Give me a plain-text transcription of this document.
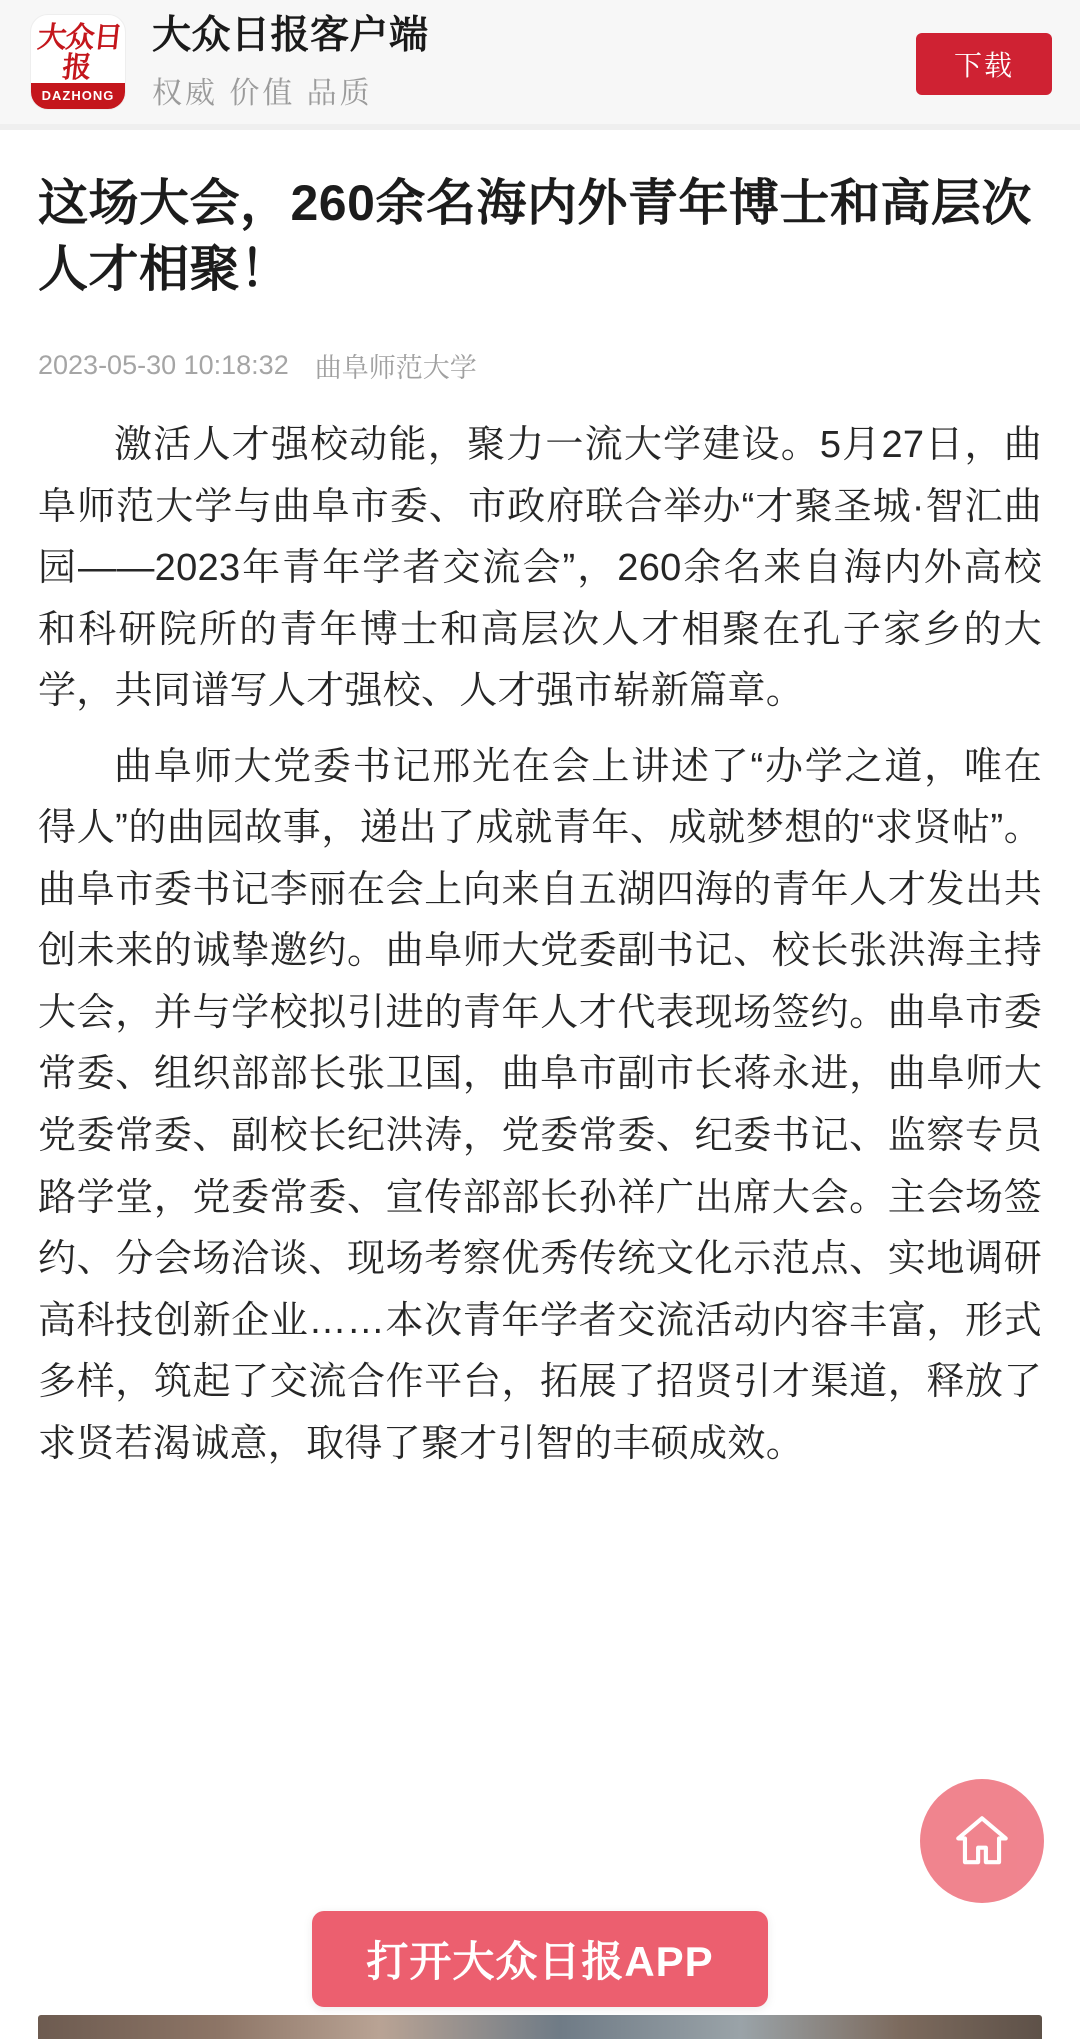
大众日报
DAZHONG
大众日报客户端
权威 价值 品质
下载
这场大会，260余名海内外青年博士和高层次人才相聚！
2023-05-30 10:18:32 曲阜师范大学

激活人才强校动能，聚力一流大学建设。5月27日，曲阜师范大学与曲阜市委、市政府联合举办“才聚圣城·智汇曲园——2023年青年学者交流会”，260余名来自海内外高校和科研院所的青年博士和高层次人才相聚在孔子家乡的大学，共同谱写人才强校、人才强市崭新篇章。

曲阜师大党委书记邢光在会上讲述了“办学之道，唯在得人”的曲园故事，递出了成就青年、成就梦想的“求贤帖”。曲阜市委书记李丽在会上向来自五湖四海的青年人才发出共创未来的诚挚邀约。曲阜师大党委副书记、校长张洪海主持大会，并与学校拟引进的青年人才代表现场签约。曲阜市委常委、组织部部长张卫国，曲阜市副市长蒋永进，曲阜师大党委常委、副校长纪洪涛，党委常委、纪委书记、监察专员路学堂，党委常委、宣传部部长孙祥广出席大会。主会场签约、分会场洽谈、现场考察优秀传统文化示范点、实地调研高科技创新企业……本次青年学者交流活动内容丰富，形式多样，筑起了交流合作平台，拓展了招贤引才渠道，释放了求贤若渴诚意，取得了聚才引智的丰硕成效。

打开大众日报APP
